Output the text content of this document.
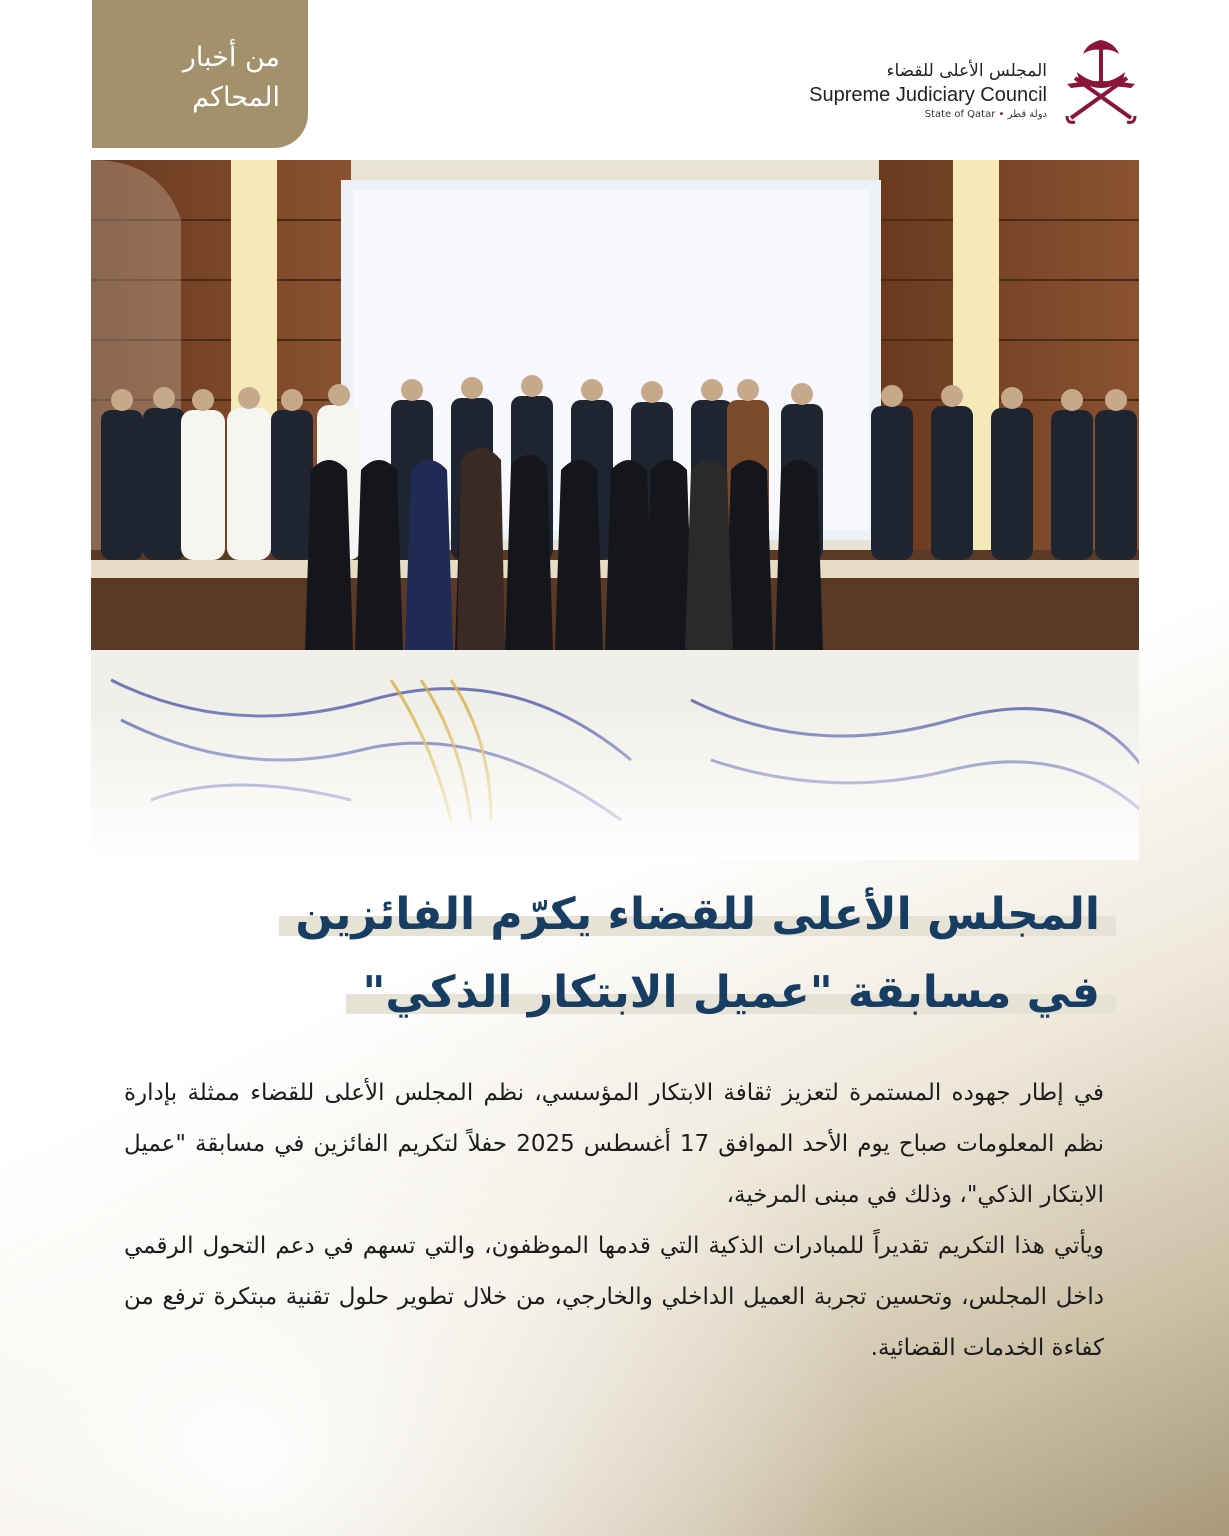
من أخبار
المحاكم
المجلس الأعلى للقضاء
Supreme Judiciary Council
State of Qatar • دولة قطر
المجلس الأعلى للقضاء يكرّم الفائزين
في مسابقة "عميل الابتكار الذكي"

في إطار جهوده المستمرة لتعزيز ثقافة الابتكار المؤسسي، نظم المجلس الأعلى للقضاء ممثلة بإدارة نظم المعلومات صباح يوم الأحد الموافق 17 أغسطس 2025 حفلاً لتكريم الفائزين في مسابقة "عميل الابتكار الذكي"، وذلك في مبنى المرخية،

ويأتي هذا التكريم تقديراً للمبادرات الذكية التي قدمها الموظفون، والتي تسهم في دعم التحول الرقمي داخل المجلس، وتحسين تجربة العميل الداخلي والخارجي، من خلال تطوير حلول تقنية مبتكرة ترفع من كفاءة الخدمات القضائية.
